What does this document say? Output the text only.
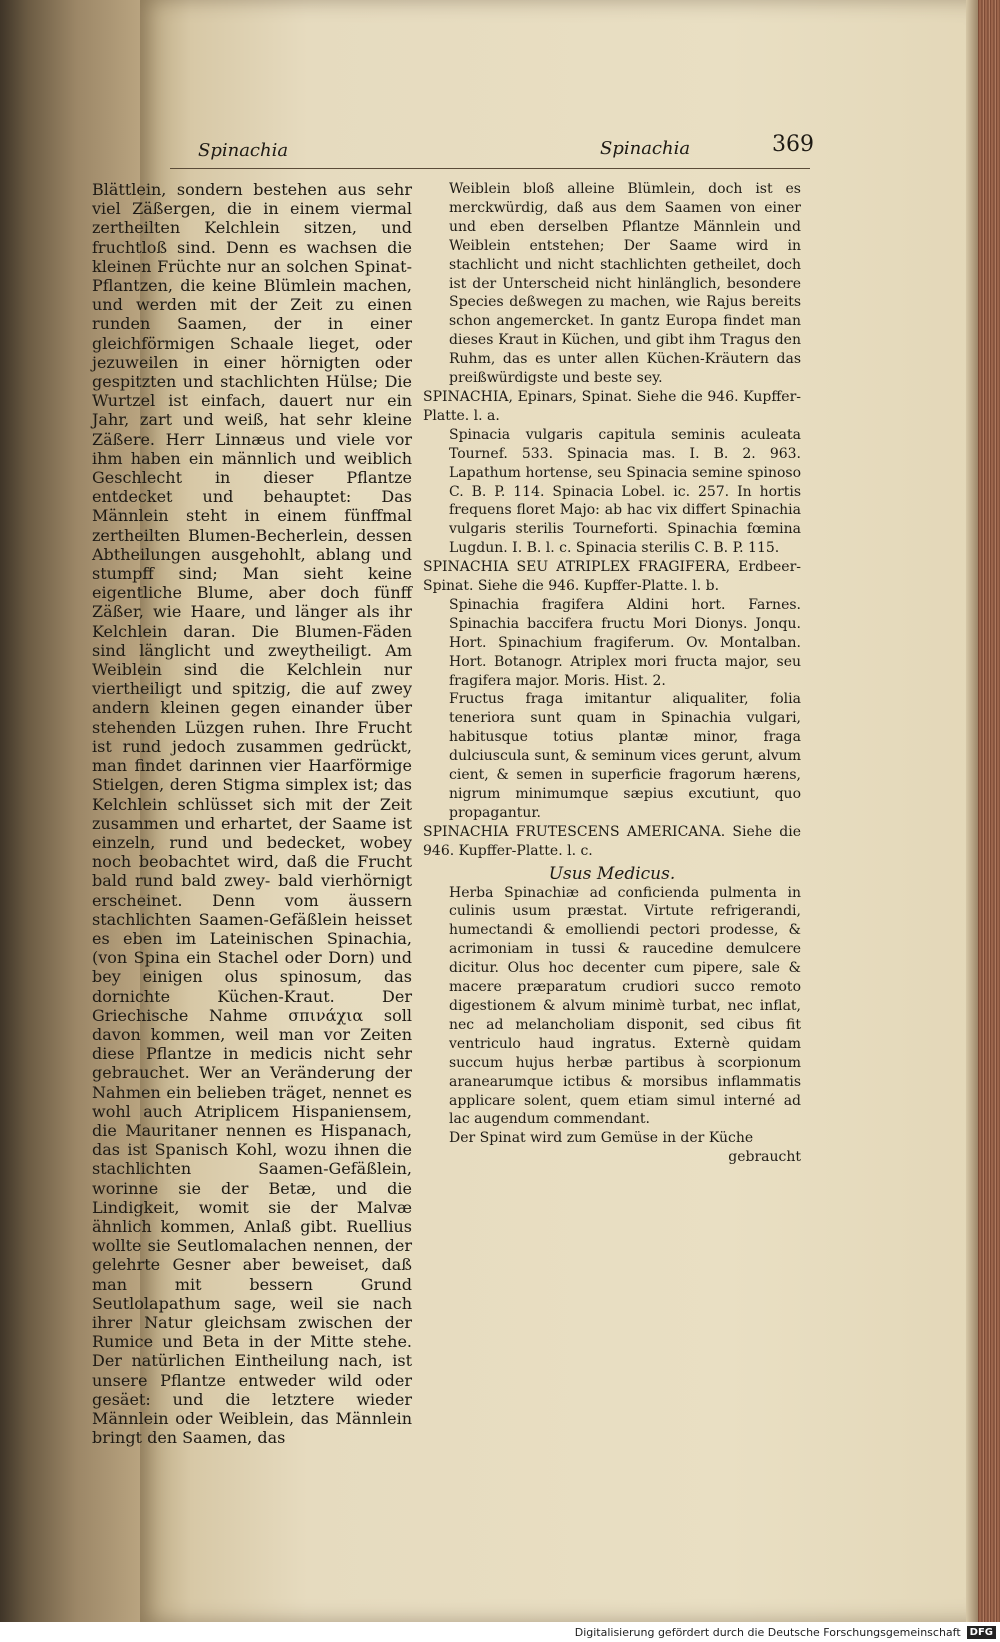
Spinachia	Spinachia	369

Blättlein, sondern bestehen aus sehr viel Zäßergen, die in einem viermal zertheilten Kelchlein sitzen, und fruchtloß sind. Denn es wachsen die kleinen Früchte nur an solchen Spinat-Pflantzen, die keine Blümlein machen, und werden mit der Zeit zu einen runden Saamen, der in einer gleichförmigen Schaale lieget, oder jezuweilen in einer hörnigten oder gespitzten und stachlichten Hülse; Die Wurtzel ist einfach, dauert nur ein Jahr, zart und weiß, hat sehr kleine Zäßere. Herr Linnæus und viele vor ihm haben ein männlich und weiblich Geschlecht in dieser Pflantze entdecket und behauptet: Das Männlein steht in einem fünffmal zertheilten Blumen-Becherlein, dessen Abtheilungen ausgehohlt, ablang und stumpff sind; Man sieht keine eigentliche Blume, aber doch fünff Zäßer, wie Haare, und länger als ihr Kelchlein daran. Die Blumen-Fäden sind länglicht und zweytheiligt. Am Weiblein sind die Kelchlein nur viertheiligt und spitzig, die auf zwey andern kleinen gegen einander über stehenden Lüzgen ruhen. Ihre Frucht ist rund jedoch zusammen gedrückt, man findet darinnen vier Haarförmige Stielgen, deren Stigma simplex ist; das Kelchlein schlüsset sich mit der Zeit zusammen und erhartet, der Saame ist einzeln, rund und bedecket, wobey noch beobachtet wird, daß die Frucht bald rund bald zwey- bald vierhörnigt erscheinet. Denn vom äussern stachlichten Saamen-Gefäßlein heisset es eben im Lateinischen Spinachia, (von Spina ein Stachel oder Dorn) und bey einigen olus spinosum, das dornichte Küchen-Kraut. Der Griechische Nahme σπινάχια soll davon kommen, weil man vor Zeiten diese Pflantze in medicis nicht sehr gebrauchet. Wer an Veränderung der Nahmen ein belieben träget, nennet es wohl auch Atriplicem Hispaniensem, die Mauritaner nennen es Hispanach, das ist Spanisch Kohl, wozu ihnen die stachlichten Saamen-Gefäßlein, worinne sie der Betæ, und die Lindigkeit, womit sie der Malvæ ähnlich kommen, Anlaß gibt. Ruellius wollte sie Seutlomalachen nennen, der gelehrte Gesner aber beweiset, daß man mit bessern Grund Seutlolapathum sage, weil sie nach ihrer Natur gleichsam zwischen der Rumice und Beta in der Mitte stehe. Der natürlichen Eintheilung nach, ist unsere Pflantze entweder wild oder gesäet: und die letztere wieder Männlein oder Weiblein, das Männlein bringt den Saamen, das

Weiblein bloß alleine Blümlein, doch ist es merckwürdig, daß aus dem Saamen von einer und eben derselben Pflantze Männlein und Weiblein entstehen; Der Saame wird in stachlicht und nicht stachlichten getheilet, doch ist der Unterscheid nicht hinlänglich, besondere Species deßwegen zu machen, wie Rajus bereits schon angemercket. In gantz Europa findet man dieses Kraut in Küchen, und gibt ihm Tragus den Ruhm, das es unter allen Küchen-Kräutern das preißwürdigste und beste sey.

SPINACHIA, Epinars, Spinat. Siehe die 946. Kupffer-Platte. l. a.

Spinacia vulgaris capitula seminis aculeata Tournef. 533. Spinacia mas. I. B. 2. 963. Lapathum hortense, seu Spinacia semine spinoso C. B. P. 114. Spinacia Lobel. ic. 257. In hortis frequens floret Majo: ab hac vix differt Spinachia vulgaris sterilis Tourneforti. Spinachia fœmina Lugdun. I. B. l. c. Spinacia sterilis C. B. P. 115.

SPINACHIA SEU ATRIPLEX FRAGIFERA, Erdbeer-Spinat. Siehe die 946. Kupffer-Platte. l. b.

Spinachia fragifera Aldini hort. Farnes. Spinachia baccifera fructu Mori Dionys. Jonqu. Hort. Spinachium fragiferum. Ov. Montalban. Hort. Botanogr. Atriplex mori fructa major, seu fragifera major. Moris. Hist. 2.

Fructus fraga imitantur aliqualiter, folia teneriora sunt quam in Spinachia vulgari, habitusque totius plantæ minor, fraga dulciuscula sunt, & seminum vices gerunt, alvum cient, & semen in superficie fragorum hærens, nigrum minimumque sæpius excutiunt, quo propagantur.

SPINACHIA FRUTESCENS AMERICANA. Siehe die 946. Kupffer-Platte. l. c.

Usus Medicus.

Herba Spinachiæ ad conficienda pulmenta in culinis usum præstat. Virtute refrigerandi, humectandi & emolliendi pectori prodesse, & acrimoniam in tussi & raucedine demulcere dicitur. Olus hoc decenter cum pipere, sale & macere præparatum crudiori succo remoto digestionem & alvum minimè turbat, nec inflat, nec ad melancholiam disponit, sed cibus fit ventriculo haud ingratus. Externè quidam succum hujus herbæ partibus à scorpionum aranearumque ictibus & morsibus inflammatis applicare solent, quem etiam simul interné ad lac augendum commendant.

Der Spinat wird zum Gemüse in der Küche

gebraucht

Digitalisierung gefördert durch die Deutsche Forschungsgemeinschaft DFG
